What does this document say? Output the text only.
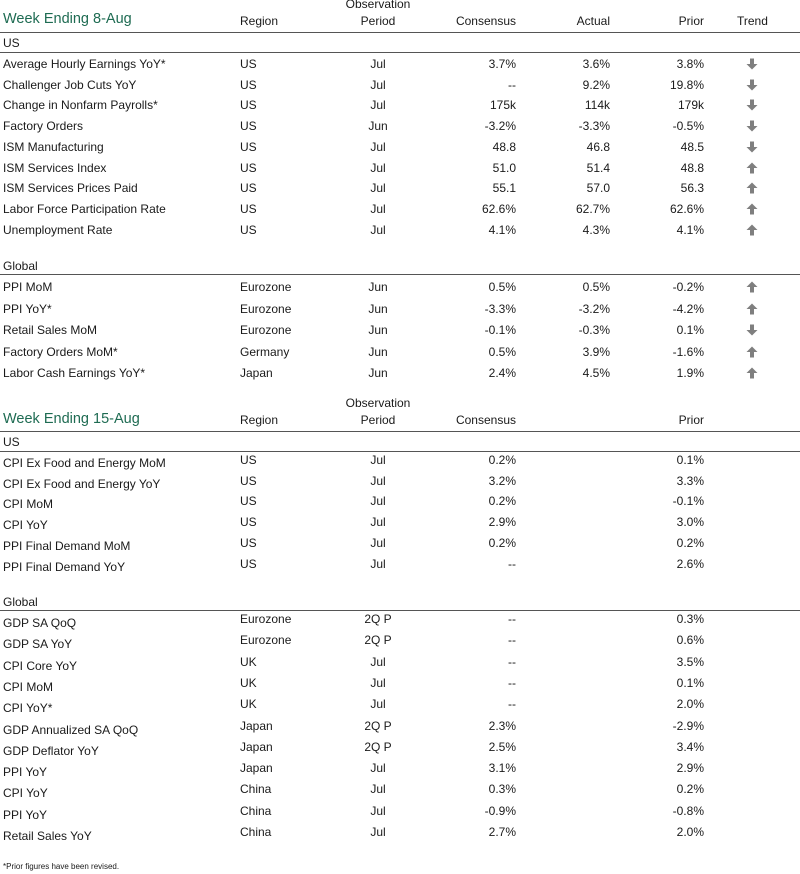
Observation
Week Ending 8-Aug	Region	Period	Consensus	Actual	Prior	Trend
US
Average Hourly Earnings YoY*	US	Jul	3.7%	3.6%	3.8%
Challenger Job Cuts YoY	US	Jul	--	9.2%	19.8%
Change in Nonfarm Payrolls*	US	Jul	175k	114k	179k
Factory Orders	US	Jun	-3.2%	-3.3%	-0.5%
ISM Manufacturing	US	Jul	48.8	46.8	48.5
ISM Services Index	US	Jul	51.0	51.4	48.8
ISM Services Prices Paid	US	Jul	55.1	57.0	56.3
Labor Force Participation Rate	US	Jul	62.6%	62.7%	62.6%
Unemployment Rate	US	Jul	4.1%	4.3%	4.1%
Global
PPI MoM	Eurozone	Jun	0.5%	0.5%	-0.2%
PPI YoY*	Eurozone	Jun	-3.3%	-3.2%	-4.2%
Retail Sales MoM	Eurozone	Jun	-0.1%	-0.3%	0.1%
Factory Orders MoM*	Germany	Jun	0.5%	3.9%	-1.6%
Labor Cash Earnings YoY*	Japan	Jun	2.4%	4.5%	1.9%
Observation
Week Ending 15-Aug	Region	Period	Consensus	Prior
US
CPI Ex Food and Energy MoM	US	Jul	0.2%	0.1%
CPI Ex Food and Energy YoY	US	Jul	3.2%	3.3%
CPI MoM	US	Jul	0.2%	-0.1%
CPI YoY	US	Jul	2.9%	3.0%
PPI Final Demand MoM	US	Jul	0.2%	0.2%
PPI Final Demand YoY	US	Jul	--	2.6%
Global
GDP SA QoQ	Eurozone	2Q P	--	0.3%
GDP SA YoY	Eurozone	2Q P	--	0.6%
CPI Core YoY	UK	Jul	--	3.5%
CPI MoM	UK	Jul	--	0.1%
CPI YoY*	UK	Jul	--	2.0%
GDP Annualized SA QoQ	Japan	2Q P	2.3%	-2.9%
GDP Deflator YoY	Japan	2Q P	2.5%	3.4%
PPI YoY	Japan	Jul	3.1%	2.9%
CPI YoY	China	Jul	0.3%	0.2%
PPI YoY	China	Jul	-0.9%	-0.8%
Retail Sales YoY	China	Jul	2.7%	2.0%
*Prior figures have been revised.
